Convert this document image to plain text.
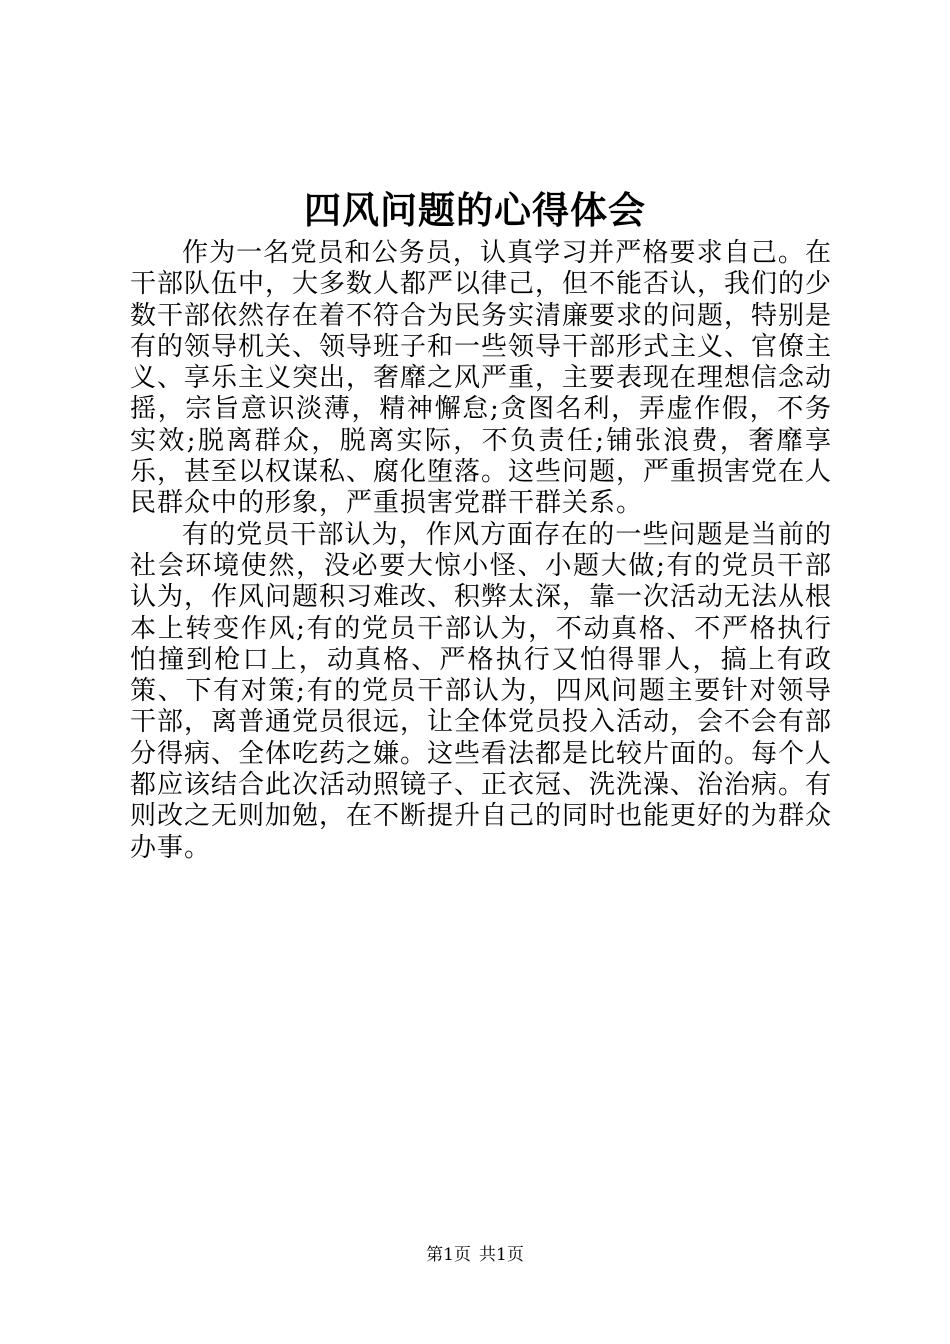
四风问题的心得体会

作为一名党员和公务员，认真学习并严格要求自己。在干部队伍中，大多数人都严以律己，但不能否认，我们的少数干部依然存在着不符合为民务实清廉要求的问题，特别是有的领导机关、领导班子和一些领导干部形式主义、官僚主义、享乐主义突出，奢靡之风严重，主要表现在理想信念动摇，宗旨意识淡薄，精神懈怠;贪图名利，弄虚作假，不务实效;脱离群众，脱离实际，不负责任;铺张浪费，奢靡享乐，甚至以权谋私、腐化堕落。这些问题，严重损害党在人民群众中的形象，严重损害党群干群关系。

有的党员干部认为，作风方面存在的一些问题是当前的社会环境使然，没必要大惊小怪、小题大做;有的党员干部认为，作风问题积习难改、积弊太深，靠一次活动无法从根本上转变作风;有的党员干部认为，不动真格、不严格执行怕撞到枪口上，动真格、严格执行又怕得罪人，搞上有政策、下有对策;有的党员干部认为，四风问题主要针对领导干部，离普通党员很远，让全体党员投入活动，会不会有部分得病、全体吃药之嫌。这些看法都是比较片面的。每个人都应该结合此次活动照镜子、正衣冠、洗洗澡、治治病。有则改之无则加勉，在不断提升自己的同时也能更好的为群众办事。

第1页 共1页
